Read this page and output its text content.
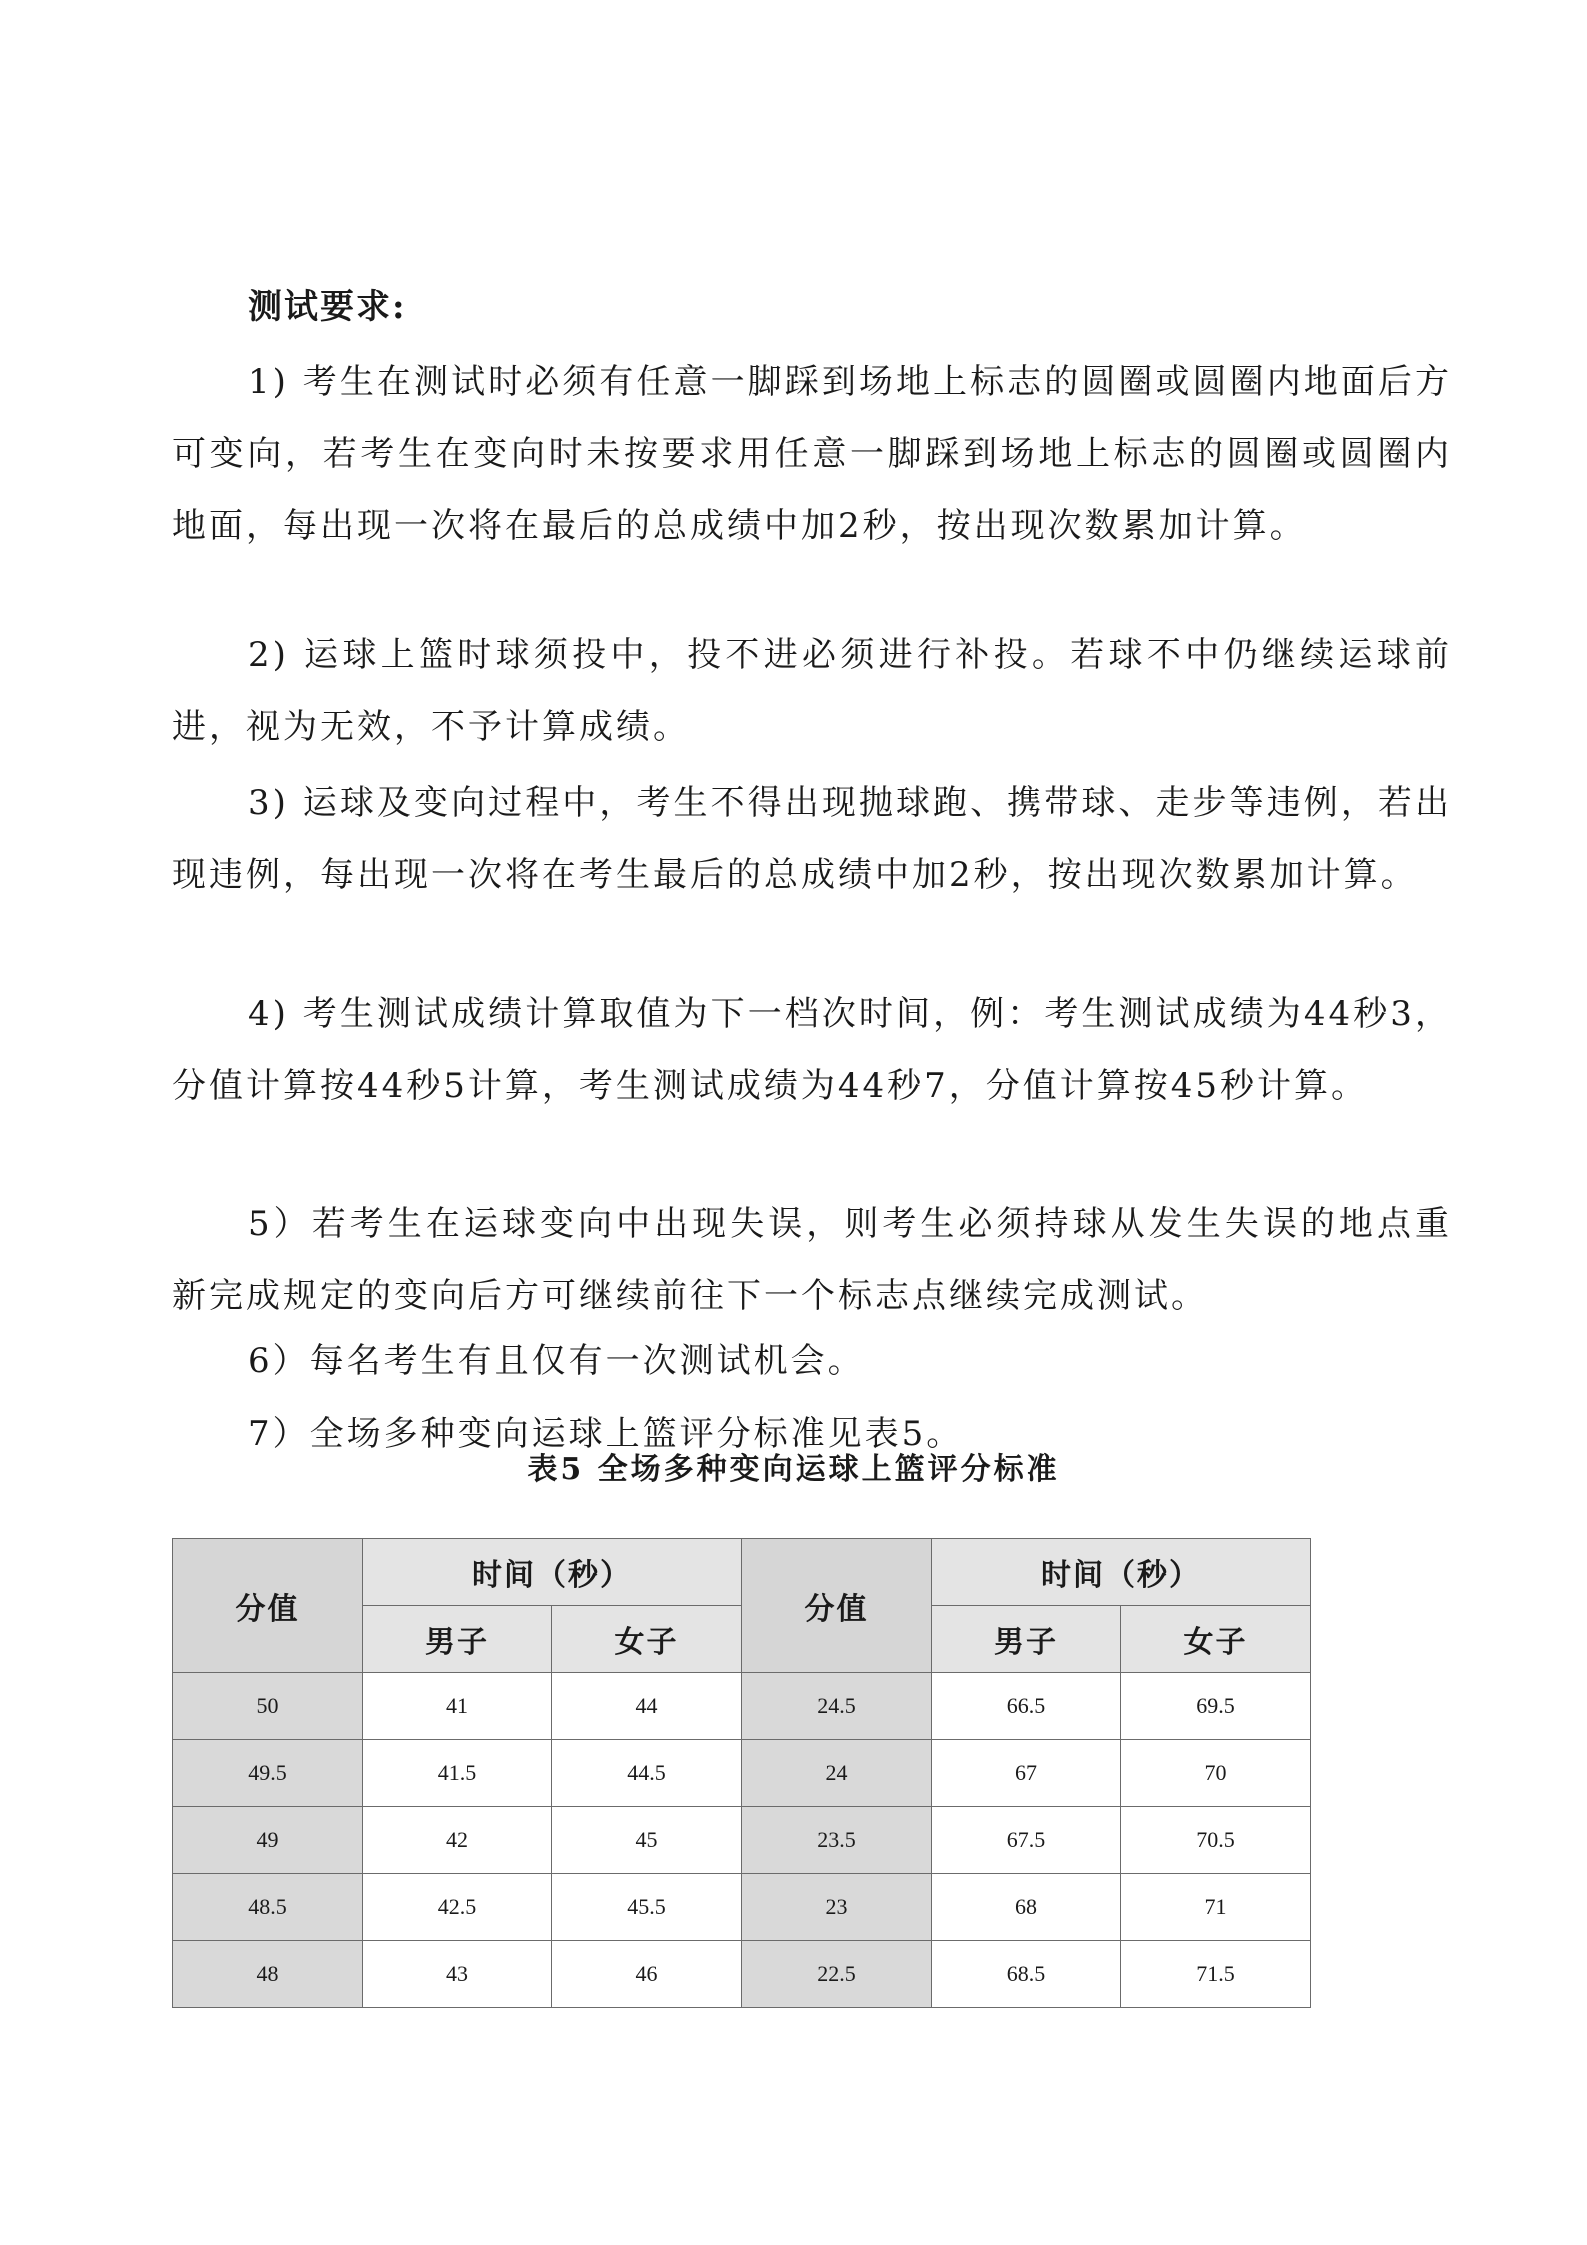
测试要求:
1) 考生在测试时必须有任意一脚踩到场地上标志的圆圈或圆圈内地面后方可变向，若考生在变向时未按要求用任意一脚踩到场地上标志的圆圈或圆圈内地面，每出现一次将在最后的总成绩中加2秒，按出现次数累加计算。
2) 运球上篮时球须投中，投不进必须进行补投。若球不中仍继续运球前进，视为无效，不予计算成绩。
3) 运球及变向过程中，考生不得出现抛球跑、携带球、走步等违例，若出现违例，每出现一次将在考生最后的总成绩中加2秒，按出现次数累加计算。
4) 考生测试成绩计算取值为下一档次时间，例：考生测试成绩为44秒3，分值计算按44秒5计算，考生测试成绩为44秒7，分值计算按45秒计算。
5）若考生在运球变向中出现失误，则考生必须持球从发生失误的地点重新完成规定的变向后方可继续前往下一个标志点继续完成测试。
6）每名考生有且仅有一次测试机会。
7）全场多种变向运球上篮评分标准见表5。
表5 全场多种变向运球上篮评分标准
分值	时间（秒）		分值	时间（秒）	
	男子	女子		男子	女子
50	41	44	24.5	66.5	69.5
49.5	41.5	44.5	24	67	70
49	42	45	23.5	67.5	70.5
48.5	42.5	45.5	23	68	71
48	43	46	22.5	68.5	71.5
